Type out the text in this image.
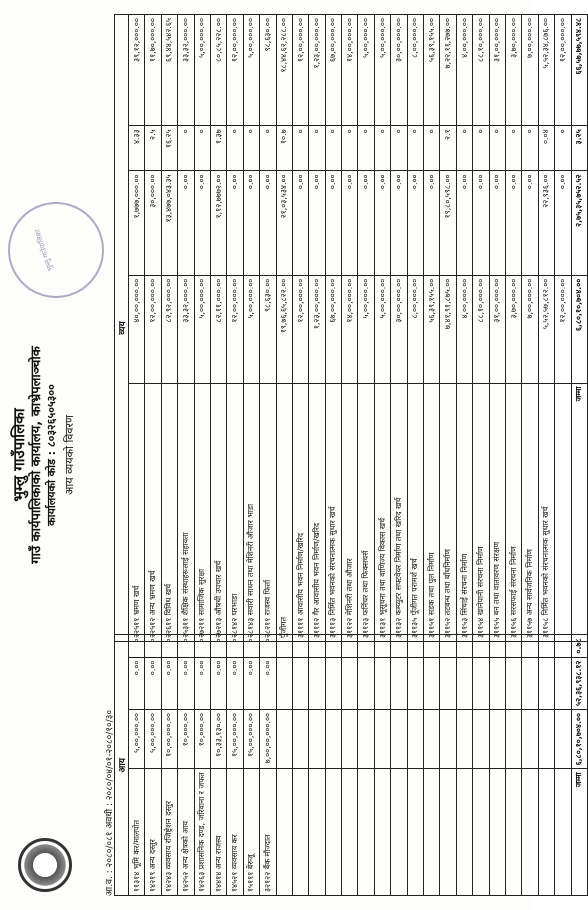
भुम्लु गाउँपालिका
भुम्लु गाउँपालिका गाउँ कार्यपालिकाको कार्यालय, काभ्रेपलाञ्चोक कार्यालयको कोड : ८०३२६५०५३०० आय व्ययको विवरण
आ.व. : २०८०/०८१ अवधी : २०८०/०४/०१-२०८०/१०/३० आय			
११३१४ भूमि कर/मालपोत	५,००,०००.००	०.००	०
१४२१९ अन्य दस्तुर	५,००,०००.००	०.००	०
१४२४३ व्यवसाय रजिष्ट्रेशन दस्तुर	१०,००,०००.००	०.००	०
१४२५२ अन्य क्षेत्रको आय	१०,०००.००	०.००	०
१४२६३ प्रशासनिक दण्ड, जरिवाना र जफत	१०,०००.००	०.००	०
१४४१४ अन्य राजस्व	१०,३३,१३०.००	०.००	०
१४५२१ व्यवसाय कर	१५,००,०००.००	०.००	०
१५१११ बेरुजू	१५,००,०००.००	०.००	०
३२१२२ बैंक मौज्दात	७,००,००,०००.००	०.००	०

जम्मा	६,८०,१०,७०४.००	५२,३६,९३८.१२	०.७८
व्यय				
२२५११ भ्रमण खर्च	४०,००,०००.००	१,७७७,०००.००	४.३३	३९,१२,०००.००
२२५१२ अन्य भ्रमण खर्च	१२,००,०००.००	३०,०००.००	२.५	११,७०,०००.००
२२६११ विविध खर्च	८२,९२,०००.००	१३,४७७,०४३.३५	१६.२५	६९,४४,५४२.६५
२५३११ शैक्षिक संस्थाहरूलाई सहायता	३३,३२,०००.००	०.००	०	३३,३२,०००.००
२७२११ सामाजिक सुरक्षा	५,००,०००.००	०.००	०	५,००,०००.००
२७२१३ औषधी उपचार खर्च	८२,११,०००.००	१,१२,७७७२.००	१.३७	८०,८५,२२८.००
२८१४२ घरभाडा	१२,००,०००.००	०.००	०	१२,००,०००.००
२८१४३ सवारी साधन तथा मेशिनरी औजार भाडा	५,००,०००.००	०.००	०	५,००,०००.००
२८२११ राजस्व फिर्ता	९८,६३०.००	०.००	०	९८,६३०.००
पुँजीगत	१९,७६,६५,८२२.००	२१,०३,५३४.००	१०.७	१८,४४,६२,२८८.००
३११११ आवासीय भवन निर्माण/खरिद	१२,००,०००.००	०.००	०	१२,००,०००.००
३१११२ गैर आवासीय भवन निर्माण/खरिद	१,२३,००,०००.००	०.००	०	१,२३,००,०००.००
३१११३ निर्मित भवनको संरचनात्मक सुधार खर्च	६७,००,०००.००	०.००	०	६७,००,०००.००
३११२२ मेशिनरी तथा औजार	१४,००,०००.००	०.००	०	१४,००,०००.००
३११२३ फर्निचर तथा फिक्सचर्स	५,००,०००.००	०.००	०	५,००,०००.००
३११३१ भूसूचना तथा वाणिज्य विकास खर्च	५,००,०००.००	०.००	०	५,००,०००.००
३११३२ कम्प्युटर सफ्टवेयर निर्माण तथा खरिद खर्च	३०,००,०००.००	०.००	०	३०,००,०००.००
३११३५ पूँजीगत परामर्श खर्च	८,००,०००.००	०.००	०	८,००,०००.००
३११५१ सडक तथा पुल निर्माण	५६,३९,१५५.००	०.००	०	५६,३९,१५५.००
३११५२ तटबन्ध तथा बाँधनिर्माण	७,४१,९१,८७५.००	१९,८०,५९८.००	२.१	७,२२,११,२७७.००
३११५३ सिंचाई संरचना निर्माण	४,००,०००.००	०.००	०	४,००,०००.००
३११५४ खानेपानी संरचना निर्माण	८८,१०,०००.००	०.००	०	८८,१०,०००.००
३११५५ बन तथा वातावरण संरक्षण	३१,००,०००.००	०.००	०	३१,००,०००.००
३११५६ सरसफाई संरचना निर्माण	३,७०,०००.००	०.००	०	३,७०,०००.००
३११५७ अन्य सार्वजनिक निर्माण	७,००,०००.००	०.००	०	७,००,०००.००
३११५८ निर्मित भवनको संरचनात्मक सुधार खर्च	५,५२,५७,८१२.००	२२,९३६.००	०.०४	५,५२,३४,८७६.००
	१२,००,०००.००	०.००	०	१२,००,०००.००
जम्मा	६,८०,१०,७०४.००	२,७५,३५,७५२.५२	३.२५	६६,५७,७७,५९४.४८
